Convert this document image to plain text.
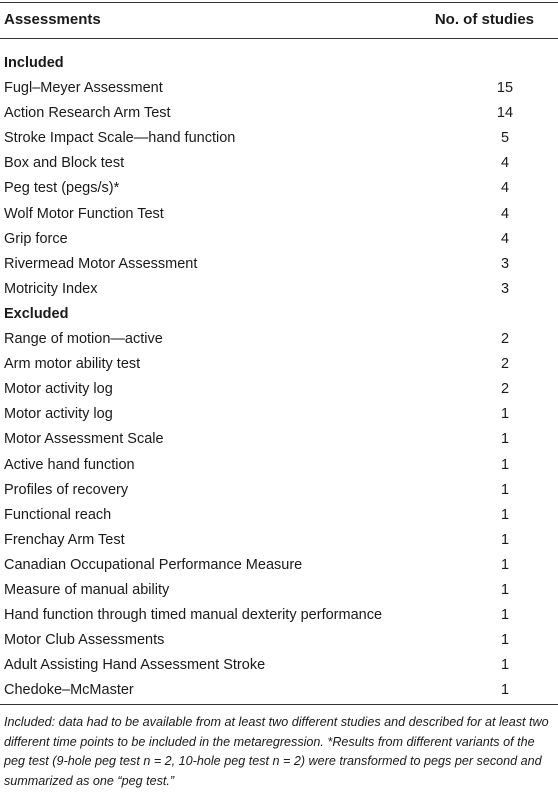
Assessments	No. of studies
Included
Fugl–Meyer Assessment	15
Action Research Arm Test	14
Stroke Impact Scale—hand function	5
Box and Block test	4
Peg test (pegs/s)*	4
Wolf Motor Function Test	4
Grip force	4
Rivermead Motor Assessment	3
Motricity Index	3
Excluded
Range of motion—active	2
Arm motor ability test	2
Motor activity log	2
Motor activity log	1
Motor Assessment Scale	1
Active hand function	1
Profiles of recovery	1
Functional reach	1
Frenchay Arm Test	1
Canadian Occupational Performance Measure	1
Measure of manual ability	1
Hand function through timed manual dexterity performance	1
Motor Club Assessments	1
Adult Assisting Hand Assessment Stroke	1
Chedoke–McMaster	1
Included: data had to be available from at least two different studies and described for at least two different time points to be included in the metaregression. *Results from different variants of the peg test (9-hole peg test n = 2, 10-hole peg test n = 2) were transformed to pegs per second and summarized as one “peg test.”
